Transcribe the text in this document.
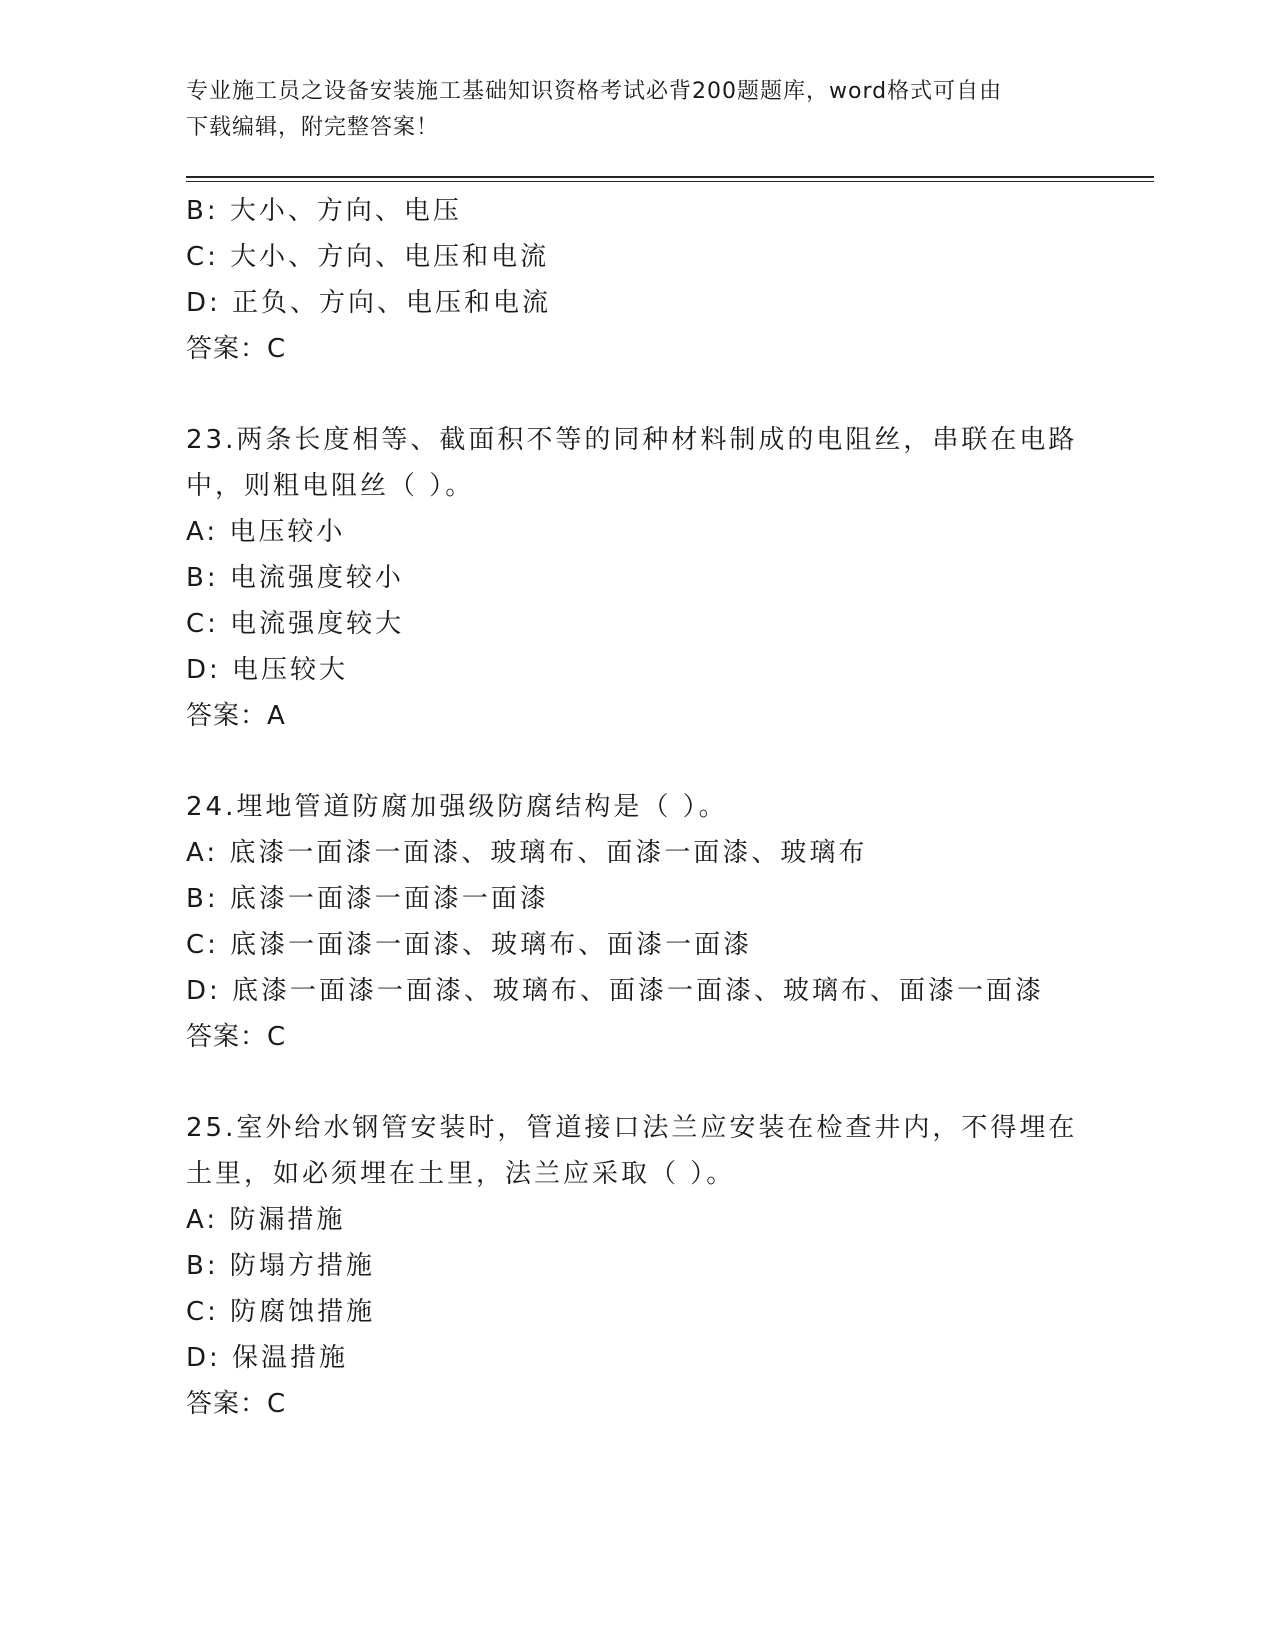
专业施工员之设备安装施工基础知识资格考试必背200题题库，word格式可自由
下载编辑，附完整答案！
B: 大小、方向、电压
C: 大小、方向、电压和电流
D: 正负、方向、电压和电流
答案：C
23.两条长度相等、截面积不等的同种材料制成的电阻丝，串联在电路
中，则粗电阻丝（ ）。
A: 电压较小
B: 电流强度较小
C: 电流强度较大
D: 电压较大
答案：A
24.埋地管道防腐加强级防腐结构是（ ）。
A: 底漆一面漆一面漆、玻璃布、面漆一面漆、玻璃布
B: 底漆一面漆一面漆一面漆
C: 底漆一面漆一面漆、玻璃布、面漆一面漆
D: 底漆一面漆一面漆、玻璃布、面漆一面漆、玻璃布、面漆一面漆
答案：C
25.室外给水钢管安装时，管道接口法兰应安装在检查井内，不得埋在
土里，如必须埋在土里，法兰应采取（ ）。
A: 防漏措施
B: 防塌方措施
C: 防腐蚀措施
D: 保温措施
答案：C
